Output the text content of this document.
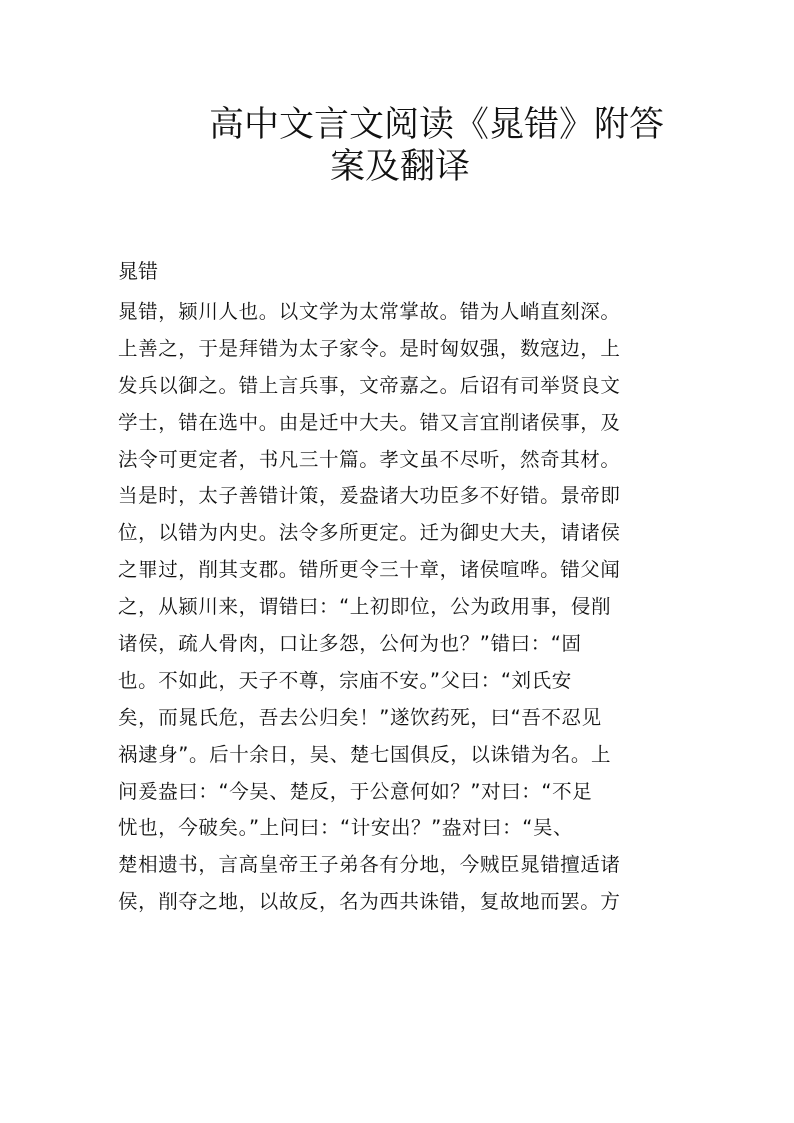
高中文言文阅读《晁错》附答
案及翻译
晁错
晁错，颍川人也。以文学为太常掌故。错为人峭直刻深。
上善之，于是拜错为太子家令。是时匈奴强，数寇边，上
发兵以御之。错上言兵事，文帝嘉之。后诏有司举贤良文
学士，错在选中。由是迁中大夫。错又言宜削诸侯事，及
法令可更定者，书凡三十篇。孝文虽不尽听，然奇其材。
当是时，太子善错计策，爰盎诸大功臣多不好错。景帝即
位，以错为内史。法令多所更定。迁为御史大夫，请诸侯
之罪过，削其支郡。错所更令三十章，诸侯喧哗。错父闻
之，从颍川来，谓错曰：“上初即位，公为政用事，侵削
诸侯，疏人骨肉，口让多怨，公何为也？”错曰：“固
也。不如此，天子不尊，宗庙不安。”父曰：“刘氏安
矣，而晁氏危，吾去公归矣！”遂饮药死，曰“吾不忍见
祸逮身”。后十余日，吴、楚七国俱反，以诛错为名。上
问爰盎曰：“今吴、楚反，于公意何如？”对曰：“不足
忧也，今破矣。”上问曰：“计安出？”盎对曰：“吴、
楚相遗书，言高皇帝王子弟各有分地，今贼臣晁错擅适诸
侯，削夺之地，以故反，名为西共诛错，复故地而罢。方
